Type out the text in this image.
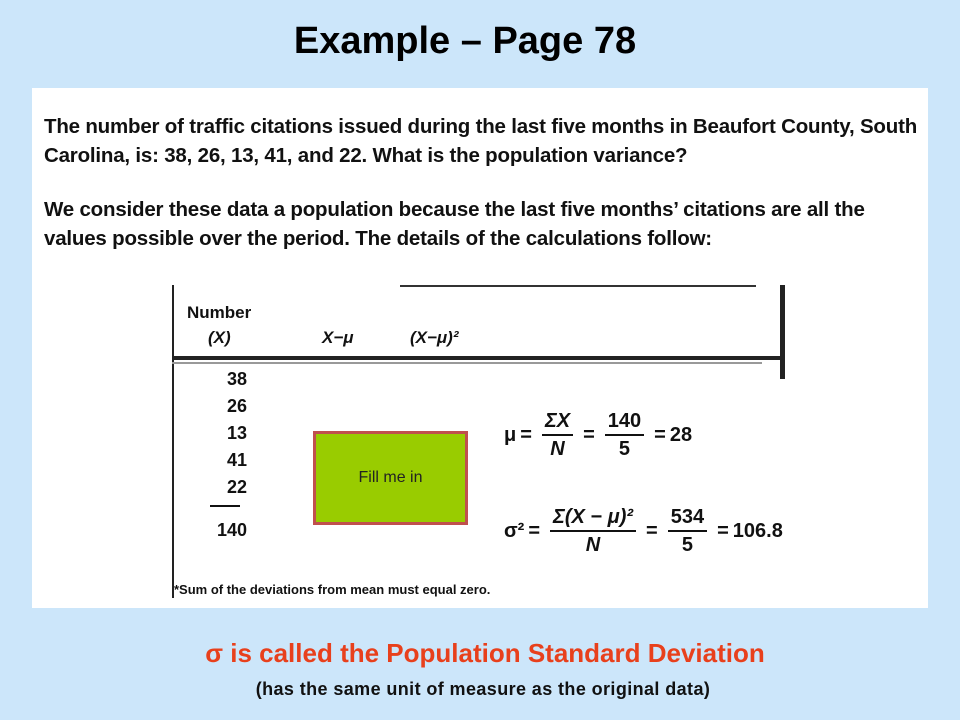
Example – Page 78
The number of traffic citations issued during the last five months in Beaufort County, South Carolina, is: 38, 26, 13, 41, and 22. What is the population variance?
We consider these data a population because the last five months’ citations are all the values possible over the period. The details of the calculations follow:
Number
(X)	X−μ	(X−μ)²
38
26
13
41
22
140
Fill me in
$\mu = \frac{\Sigma X}{N} = \frac{140}{5} = 28$
$\sigma^2 = \frac{\text{Σ(X − μ)²}}{N} = \frac{534}{5} = 106.8$
*Sum of the deviations from mean must equal zero.
σ is called the Population Standard Deviation
(has the same unit of measure as the original data)
